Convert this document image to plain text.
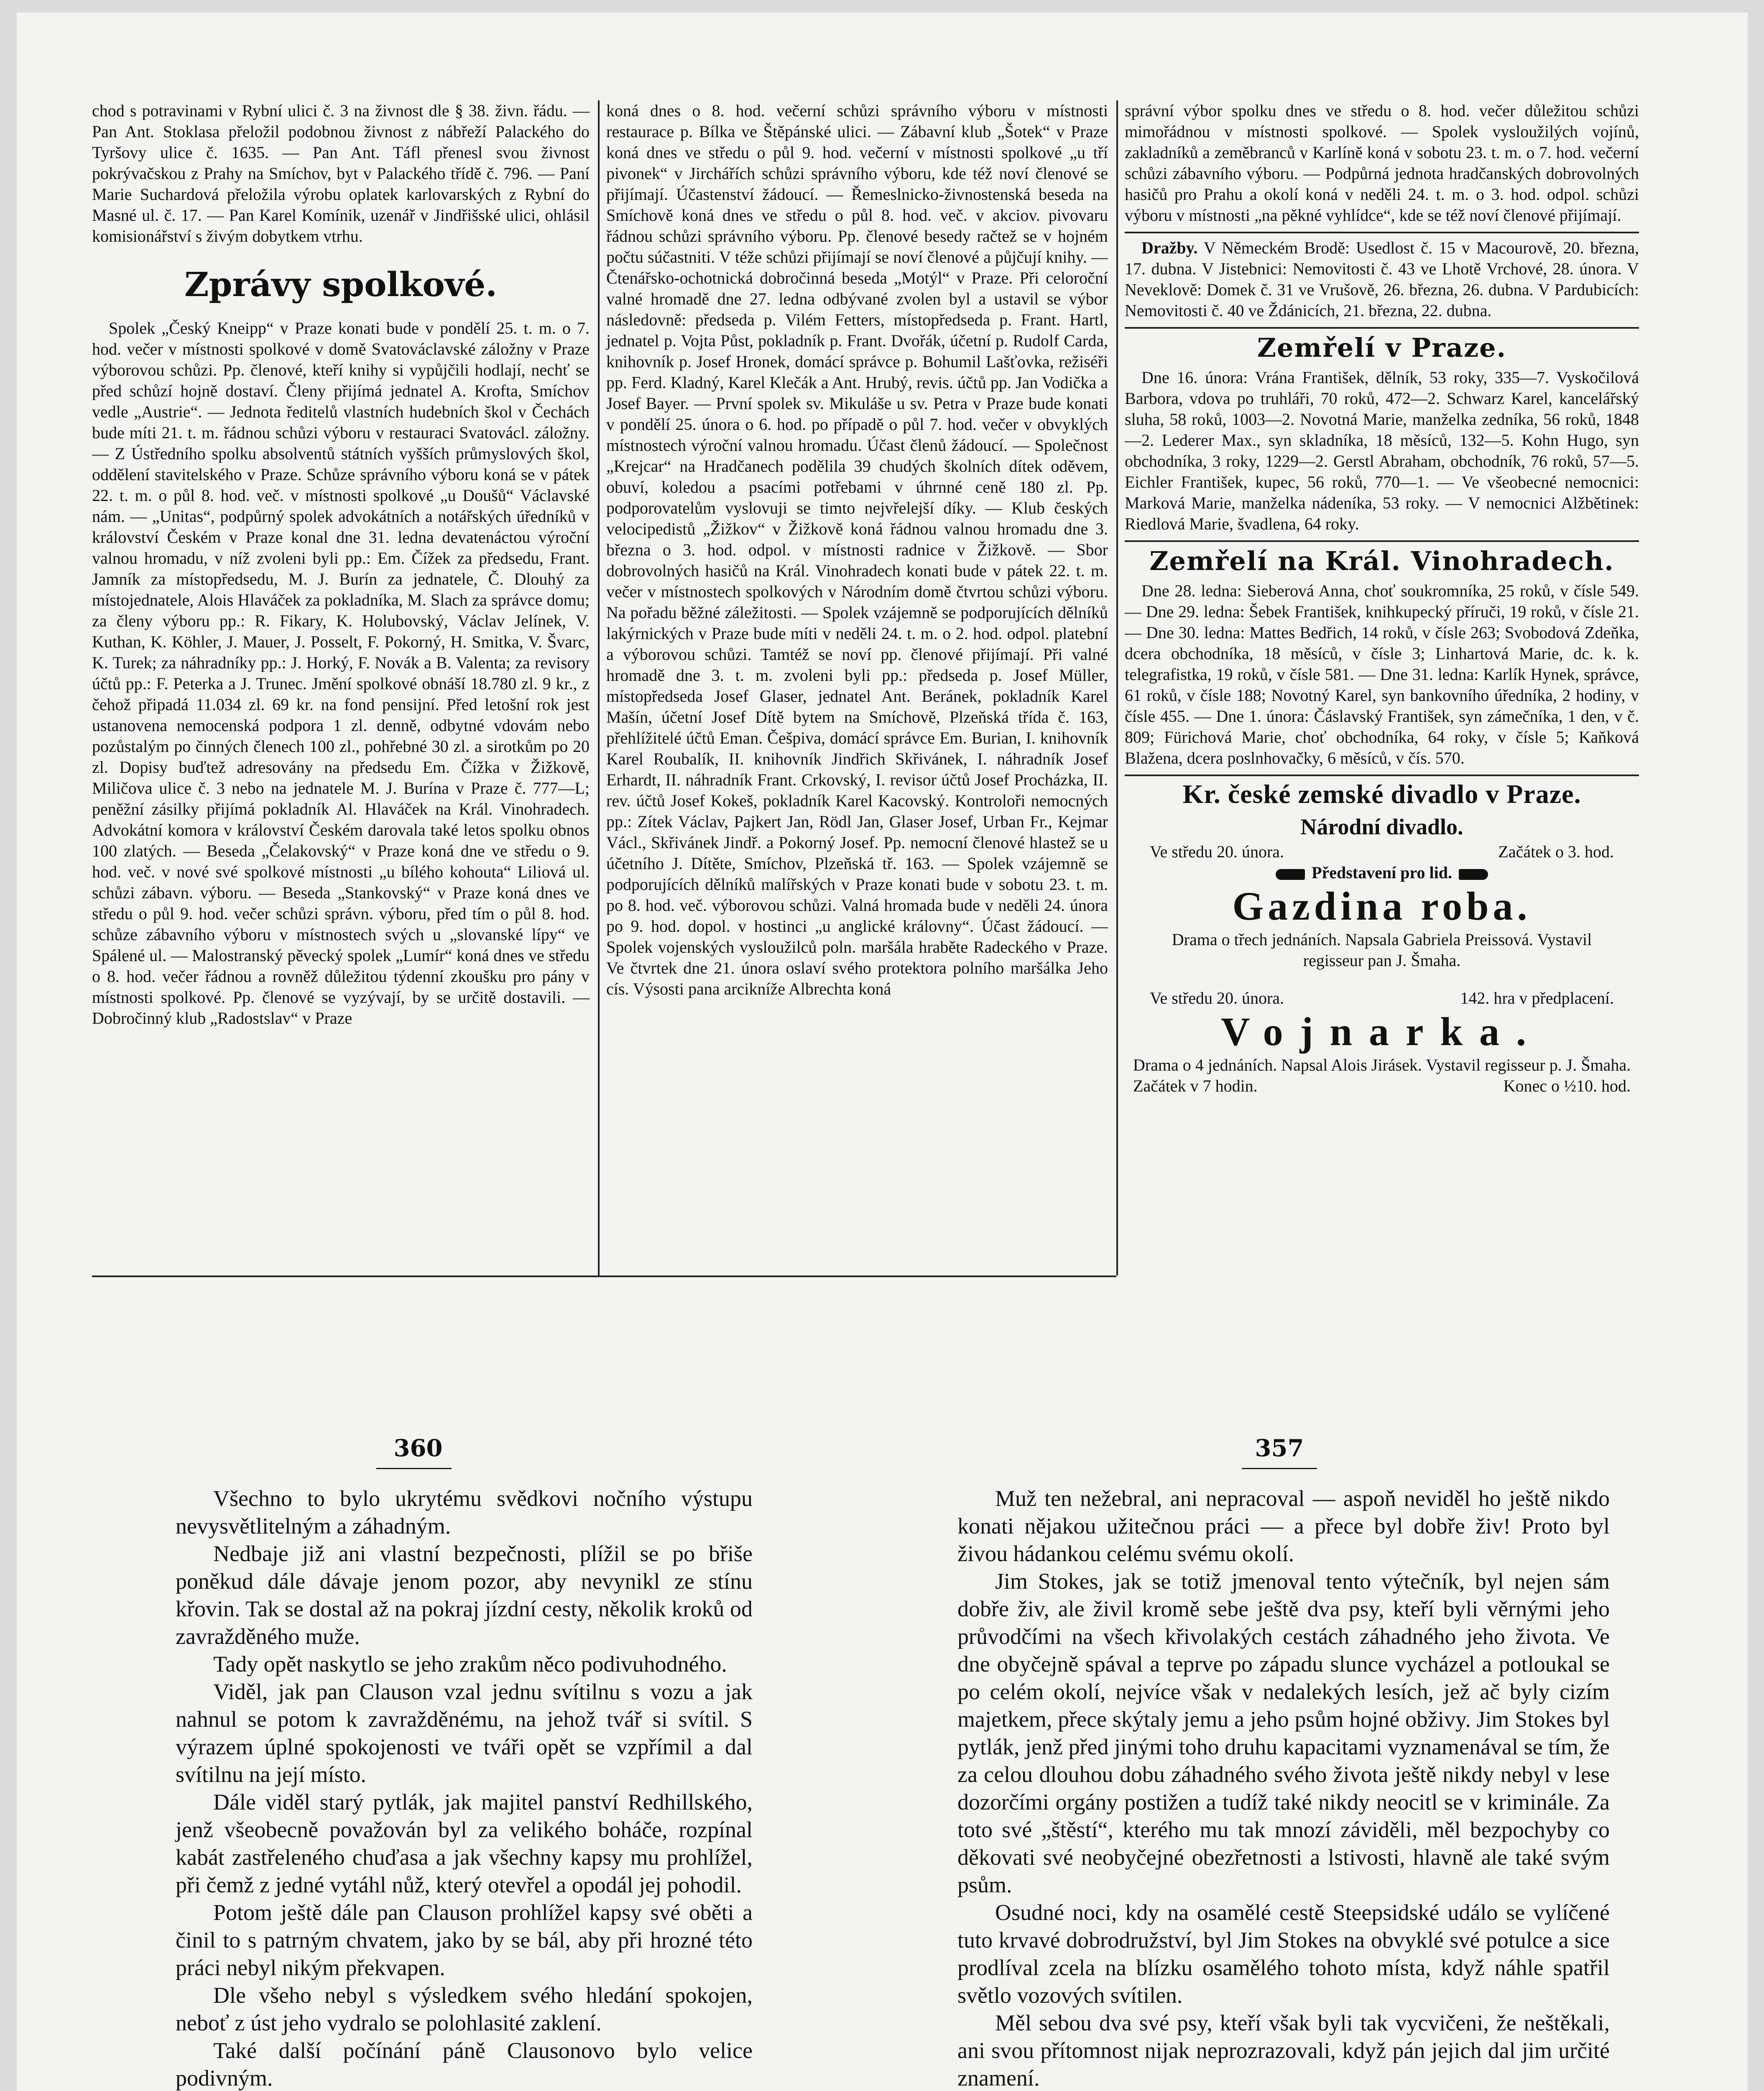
chod s potravinami v Rybní ulici č. 3 na živnost dle § 38. živn. řádu. — Pan Ant. Stoklasa přeložil podobnou živnost z nábřeží Palackého do Tyršovy ulice č. 1635. — Pan Ant. Táfl přenesl svou živnost pokrývačskou z Prahy na Smíchov, byt v Palackého třídě č. 796. — Paní Marie Suchardová přeložila výrobu oplatek karlovarských z Rybní do Masné ul. č. 17. — Pan Karel Komínik, uzenář v Jindřišské ulici, ohlásil komisionářství s živým dobytkem vtrhu.

Zprávy spolkové.

Spolek „Český Kneipp“ v Praze konati bude v pondělí 25. t. m. o 7. hod. večer v místnosti spolkové v domě Svatováclavské záložny v Praze výborovou schůzi. Pp. členové, kteří knihy si vypůjčili hodlají, nechť se před schůzí hojně dostaví. Členy přijímá jednatel A. Krofta, Smíchov vedle „Austrie“. — Jednota ředitelů vlastních hudebních škol v Čechách bude míti 21. t. m. řádnou schůzi výboru v restauraci Svatovácl. záložny. — Z Ústředního spolku absolventů státních vyšších průmyslových škol, oddělení stavitelského v Praze. Schůze správního výboru koná se v pátek 22. t. m. o půl 8. hod. več. v místnosti spolkové „u Doušů“ Václavské nám. — „Unitas“, podpůrný spolek advokátních a notářských úředníků v království Českém v Praze konal dne 31. ledna devatenáctou výroční valnou hromadu, v níž zvoleni byli pp.: Em. Čížek za předsedu, Frant. Jamník za místopředsedu, M. J. Burín za jednatele, Č. Dlouhý za místojednatele, Alois Hlaváček za pokladníka, M. Slach za správce domu; za členy výboru pp.: R. Fikary, K. Holubovský, Václav Jelínek, V. Kuthan, K. Köhler, J. Mauer, J. Posselt, F. Pokorný, H. Smitka, V. Švarc, K. Turek; za náhradníky pp.: J. Horký, F. Novák a B. Valenta; za revisory účtů pp.: F. Peterka a J. Trunec. Jmění spolkové obnáší 18.780 zl. 9 kr., z čehož připadá 11.034 zl. 69 kr. na fond pensijní. Před letošní rok jest ustanovena nemocenská podpora 1 zl. denně, odbytné vdovám nebo pozůstalým po činných členech 100 zl., pohřebné 30 zl. a sirotkům po 20 zl. Dopisy buďtež adresovány na předsedu Em. Čížka v Žižkově, Miličova ulice č. 3 nebo na jednatele M. J. Burína v Praze č. 777—L; peněžní zásilky přijímá pokladník Al. Hlaváček na Král. Vinohradech. Advokátní komora v království Českém darovala také letos spolku obnos 100 zlatých. — Beseda „Čelakovský“ v Praze koná dne ve středu o 9. hod. več. v nové své spolkové místnosti „u bílého kohouta“ Liliová ul. schůzi zábavn. výboru. — Beseda „Stankovský“ v Praze koná dnes ve středu o půl 9. hod. večer schůzi správn. výboru, před tím o půl 8. hod. schůze zábavního výboru v místnostech svých u „slovanské lípy“ ve Spálené ul. — Malostranský pěvecký spolek „Lumír“ koná dnes ve středu o 8. hod. večer řádnou a rovněž důležitou týdenní zkoušku pro pány v místnosti spolkové. Pp. členové se vyzývají, by se určitě dostavili. — Dobročinný klub „Radostslav“ v Praze

koná dnes o 8. hod. večerní schůzi správního výboru v místnosti restaurace p. Bílka ve Štěpánské ulici. — Zábavní klub „Šotek“ v Praze koná dnes ve středu o půl 9. hod. večerní v místnosti spolkové „u tří pivonek“ v Jirchářích schůzi správního výboru, kde též noví členové se přijímají. Účastenství žádoucí. — Řemeslnicko-živnostenská beseda na Smíchově koná dnes ve středu o půl 8. hod. več. v akciov. pivovaru řádnou schůzi správního výboru. Pp. členové besedy račtež se v hojném počtu súčastniti. V téže schůzi přijímají se noví členové a půjčují knihy. — Čtenářsko-ochotnická dobročinná beseda „Motýl“ v Praze. Při celoroční valné hromadě dne 27. ledna odbývané zvolen byl a ustavil se výbor následovně: předseda p. Vilém Fetters, místopředseda p. Frant. Hartl, jednatel p. Vojta Půst, pokladník p. Frant. Dvořák, účetní p. Rudolf Carda, knihovník p. Josef Hronek, domácí správce p. Bohumil Lašťovka, režiséři pp. Ferd. Kladný, Karel Klečák a Ant. Hrubý, revis. účtů pp. Jan Vodička a Josef Bayer. — První spolek sv. Mikuláše u sv. Petra v Praze bude konati v pondělí 25. února o 6. hod. po případě o půl 7. hod. večer v obvyklých místnostech výroční valnou hromadu. Účast členů žádoucí. — Společnost „Krejcar“ na Hradčanech podělila 39 chudých školních dítek oděvem, obuví, koledou a psacími potřebami v úhrnné ceně 180 zl. Pp. podporovatelům vyslovuji se timto nejvřelejší díky. — Klub českých velocipedistů „Žižkov“ v Žižkově koná řádnou valnou hromadu dne 3. března o 3. hod. odpol. v místnosti radnice v Žižkově. — Sbor dobrovolných hasičů na Král. Vinohradech konati bude v pátek 22. t. m. večer v místnostech spolkových v Národním domě čtvrtou schůzi výboru. Na pořadu běžné záležitosti. — Spolek vzájemně se podporujících dělníků lakýrnických v Praze bude míti v neděli 24. t. m. o 2. hod. odpol. platební a výborovou schůzi. Tamtéž se noví pp. členové přijímají. Při valné hromadě dne 3. t. m. zvoleni byli pp.: předseda p. Josef Müller, místopředseda Josef Glaser, jednatel Ant. Beránek, pokladník Karel Mašín, účetní Josef Dítě bytem na Smíchově, Plzeňská třída č. 163, přehlížitelé účtů Eman. Češpiva, domácí správce Em. Burian, I. knihovník Karel Roubalík, II. knihovník Jindřich Skřivánek, I. náhradník Josef Erhardt, II. náhradník Frant. Crkovský, I. revisor účtů Josef Procházka, II. rev. účtů Josef Kokeš, pokladník Karel Kacovský. Kontroloři nemocných pp.: Zítek Václav, Pajkert Jan, Rödl Jan, Glaser Josef, Urban Fr., Kejmar Václ., Skřivánek Jindř. a Pokorný Josef. Pp. nemocní členové hlastež se u účetního J. Dítěte, Smíchov, Plzeňská tř. 163. — Spolek vzájemně se podporujících dělníků malířských v Praze konati bude v sobotu 23. t. m. po 8. hod. več. výborovou schůzi. Valná hromada bude v neděli 24. února po 9. hod. dopol. v hostinci „u anglické královny“. Účast žádoucí. — Spolek vojenských vysloužilců poln. maršála hraběte Radeckého v Praze. Ve čtvrtek dne 21. února oslaví svého protektora polního maršálka Jeho cís. Výsosti pana arcikníže Albrechta koná

správní výbor spolku dnes ve středu o 8. hod. večer důležitou schůzi mimořádnou v místnosti spolkové. — Spolek vysloužilých vojínů, zakladníků a zeměbranců v Karlíně koná v sobotu 23. t. m. o 7. hod. večerní schůzi zábavního výboru. — Podpůrná jednota hradčanských dobrovolných hasičů pro Prahu a okolí koná v neděli 24. t. m. o 3. hod. odpol. schůzi výboru v místnosti „na pěkné vyhlídce“, kde se též noví členové přijímají.

Dražby. V Německém Brodě: Usedlost č. 15 v Macourově, 20. března, 17. dubna. V Jistebnici: Nemovitosti č. 43 ve Lhotě Vrchové, 28. února. V Neveklově: Domek č. 31 ve Vrušově, 26. března, 26. dubna. V Pardubicích: Nemovitosti č. 40 ve Ždánicích, 21. března, 22. dubna.

Zemřelí v Praze.

Dne 16. února: Vrána František, dělník, 53 roky, 335—7. Vyskočilová Barbora, vdova po truhláři, 70 roků, 472—2. Schwarz Karel, kancelářský sluha, 58 roků, 1003—2. Novotná Marie, manželka zedníka, 56 roků, 1848—2. Lederer Max., syn skladníka, 18 měsíců, 132—5. Kohn Hugo, syn obchodníka, 3 roky, 1229—2. Gerstl Abraham, obchodník, 76 roků, 57—5. Eichler František, kupec, 56 roků, 770—1. — Ve všeobecné nemocnici: Marková Marie, manželka nádeníka, 53 roky. — V nemocnici Alžbětinek: Riedlová Marie, švadlena, 64 roky.

Zemřelí na Král. Vinohradech.

Dne 28. ledna: Sieberová Anna, choť soukromníka, 25 roků, v čísle 549. — Dne 29. ledna: Šebek František, knihkupecký příruči, 19 roků, v čísle 21. — Dne 30. ledna: Mattes Bedřich, 14 roků, v čísle 263; Svobodová Zdeňka, dcera obchodníka, 18 měsíců, v čísle 3; Linhartová Marie, dc. k. k. telegrafistka, 19 roků, v čísle 581. — Dne 31. ledna: Karlík Hynek, správce, 61 roků, v čísle 188; Novotný Karel, syn bankovního úředníka, 2 hodiny, v čísle 455. — Dne 1. února: Čáslavský František, syn zámečníka, 1 den, v č. 809; Fürichová Marie, choť obchodníka, 64 roky, v čísle 5; Kaňková Blažena, dcera poslnhovačky, 6 měsíců, v čís. 570.

Kr. české zemské divadlo v Praze.
Národní divadlo.
Ve středu 20. února.	Začátek o 3. hod.
Představení pro lid.
Gazdina roba.
Drama o třech jednáních. Napsala Gabriela Preissová. Vystavil regisseur pan J. Šmaha.
Ve středu 20. února.	142. hra v předplacení.
Vojnarka.
Drama o 4 jednáních. Napsal Alois Jirásek. Vystavil regisseur p. J. Šmaha.
Začátek v 7 hodin.	Konec o ½10. hod.
360

Všechno to bylo ukrytému svědkovi nočního výstupu nevysvětlitelným a záhadným.

Nedbaje již ani vlastní bezpečnosti, plížil se po břiše poněkud dále dávaje jenom pozor, aby nevynikl ze stínu křovin. Tak se dostal až na pokraj jízdní cesty, několik kroků od zavražděného muže.

Tady opět naskytlo se jeho zrakům něco podivuhodného.

Viděl, jak pan Clauson vzal jednu svítilnu s vozu a jak nahnul se potom k zavražděnému, na jehož tvář si svítil. S výrazem úplné spokojenosti ve tváři opět se vzpřímil a dal svítilnu na její místo.

Dále viděl starý pytlák, jak majitel panství Redhillského, jenž všeobecně považován byl za velikého boháče, rozpínal kabát zastřeleného chuďasa a jak všechny kapsy mu prohlížel, při čemž z jedné vytáhl nůž, který otevřel a opodál jej pohodil.

Potom ještě dále pan Clauson prohlížel kapsy své oběti a činil to s patrným chvatem, jako by se bál, aby při hrozné této práci nebyl nikým překvapen.

Dle všeho nebyl s výsledkem svého hledání spokojen, neboť z úst jeho vydralo se polohlasité zaklení.

Také další počínání páně Clausonovo bylo velice podivným.

357

Muž ten nežebral, ani nepracoval — aspoň neviděl ho ještě nikdo konati nějakou užitečnou práci — a přece byl dobře živ! Proto byl živou hádankou celému svému okolí.

Jim Stokes, jak se totiž jmenoval tento výtečník, byl nejen sám dobře živ, ale živil kromě sebe ještě dva psy, kteří byli věrnými jeho průvodčími na všech křivolakých cestách záhadného jeho života. Ve dne obyčejně spával a teprve po západu slunce vycházel a potloukal se po celém okolí, nejvíce však v nedalekých lesích, jež ač byly cizím majetkem, přece skýtaly jemu a jeho psům hojné obživy. Jim Stokes byl pytlák, jenž před jinými toho druhu kapacitami vyznamenával se tím, že za celou dlouhou dobu záhadného svého života ještě nikdy nebyl v lese dozorčími orgány postižen a tudíž také nikdy neocitl se v kriminále. Za toto své „štěstí“, kterého mu tak mnozí záviděli, měl bezpochyby co děkovati své neobyčejné obezřetnosti a lstivosti, hlavně ale také svým psům.

Osudné noci, kdy na osamělé cestě Steepsidské událo se vylíčené tuto krvavé dobrodružství, byl Jim Stokes na obvyklé své potulce a sice prodlíval zcela na blízku osamělého tohoto místa, když náhle spatřil světlo vozových svítilen.

Měl sebou dva své psy, kteří však byli tak vycvičeni, že neštěkali, ani svou přítomnost nijak neprozrazovali, když pán jejich dal jim určité znamení.
